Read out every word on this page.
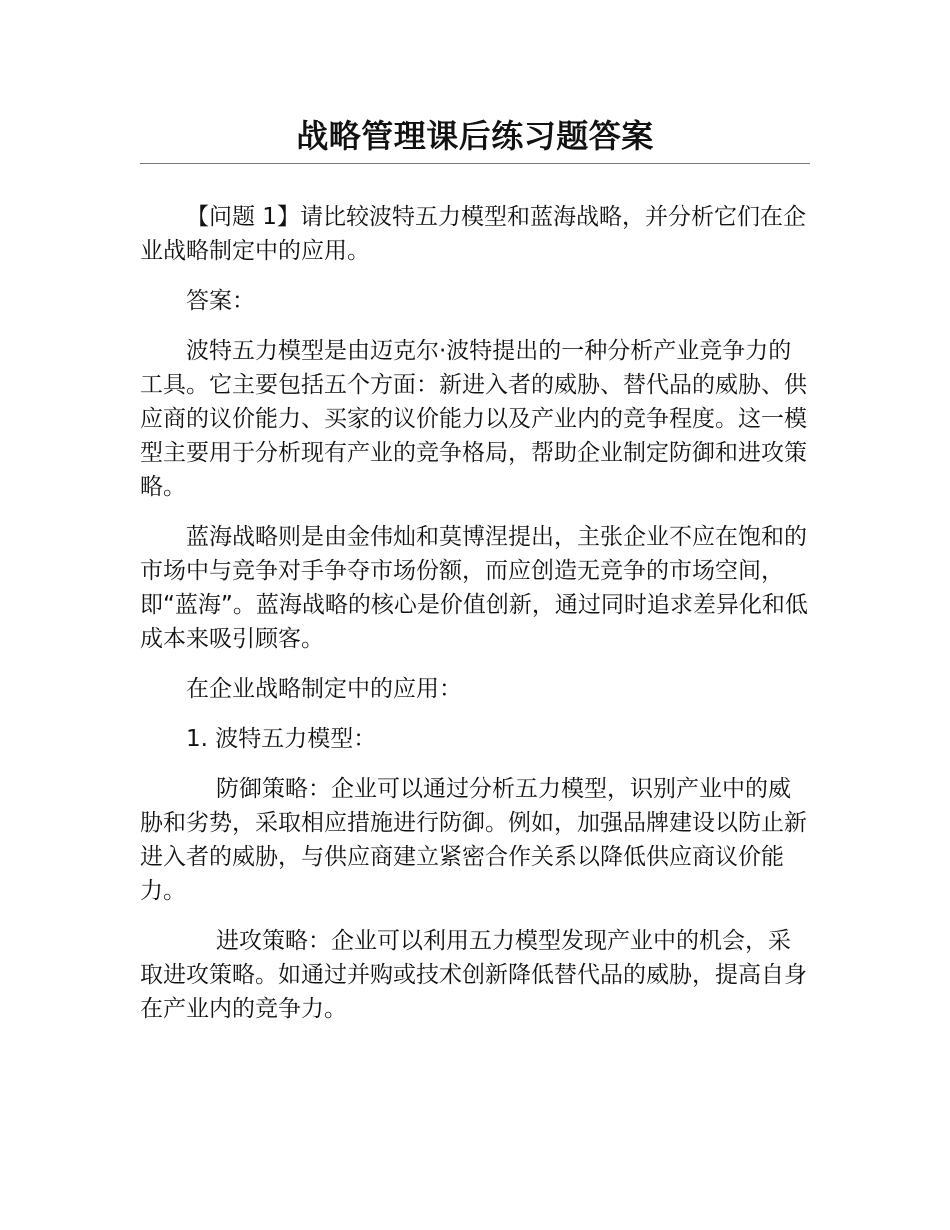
战略管理课后练习题答案

【问题 1】请比较波特五力模型和蓝海战略，并分析它们在企业战略制定中的应用。

答案：

波特五力模型是由迈克尔·波特提出的一种分析产业竞争力的工具。它主要包括五个方面：新进入者的威胁、替代品的威胁、供应商的议价能力、买家的议价能力以及产业内的竞争程度。这一模型主要用于分析现有产业的竞争格局，帮助企业制定防御和进攻策略。

蓝海战略则是由金伟灿和莫博涅提出，主张企业不应在饱和的市场中与竞争对手争夺市场份额，而应创造无竞争的市场空间，即“蓝海”。蓝海战略的核心是价值创新，通过同时追求差异化和低成本来吸引顾客。

在企业战略制定中的应用：

1. 波特五力模型：

防御策略：企业可以通过分析五力模型，识别产业中的威胁和劣势，采取相应措施进行防御。例如，加强品牌建设以防止新进入者的威胁，与供应商建立紧密合作关系以降低供应商议价能力。

进攻策略：企业可以利用五力模型发现产业中的机会，采取进攻策略。如通过并购或技术创新降低替代品的威胁，提高自身在产业内的竞争力。
